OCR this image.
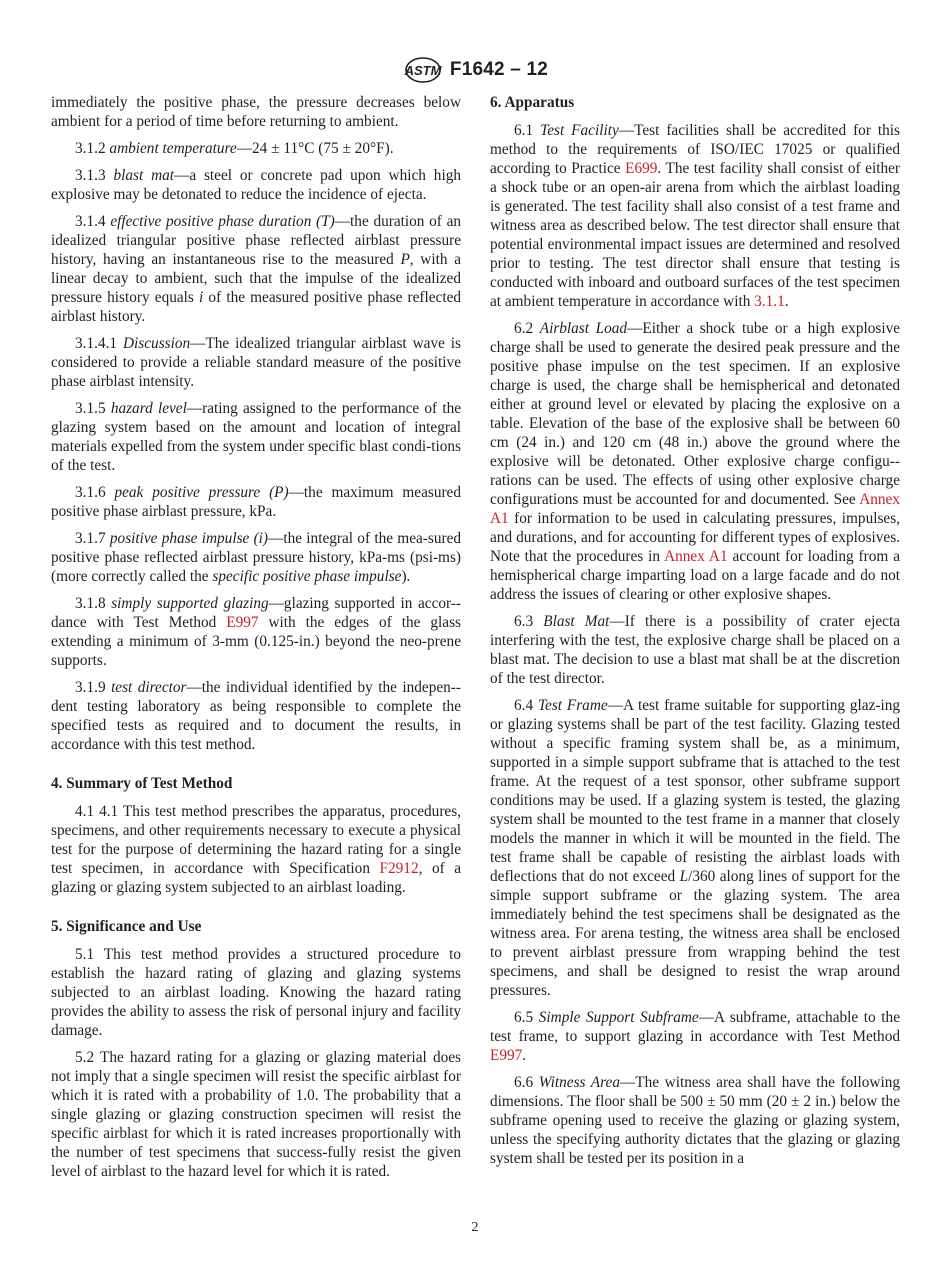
ASTM F1642 – 12

immediately the positive phase, the pressure decreases below ambient for a period of time before returning to ambient.

3.1.2 ambient temperature—24 ± 11°C (75 ± 20°F).

3.1.3 blast mat—a steel or concrete pad upon which high explosive may be detonated to reduce the incidence of ejecta.

3.1.4 effective positive phase duration (T)—the duration of an idealized triangular positive phase reflected airblast pressure history, having an instantaneous rise to the measured P, with a linear decay to ambient, such that the impulse of the idealized pressure history equals i of the measured positive phase reflected airblast history.

3.1.4.1 Discussion—The idealized triangular airblast wave is considered to provide a reliable standard measure of the positive phase airblast intensity.

3.1.5 hazard level—rating assigned to the performance of the glazing system based on the amount and location of integral materials expelled from the system under specific blast condi-tions of the test.

3.1.6 peak positive pressure (P)—the maximum measured positive phase airblast pressure, kPa.

3.1.7 positive phase impulse (i)—the integral of the mea-sured positive phase reflected airblast pressure history, kPa-ms (psi-ms) (more correctly called the specific positive phase impulse).

3.1.8 simply supported glazing—glazing supported in accor-dance with Test Method E997 with the edges of the glass extending a minimum of 3-mm (0.125-in.) beyond the neo-prene supports.

3.1.9 test director—the individual identified by the indepen-dent testing laboratory as being responsible to complete the specified tests as required and to document the results, in accordance with this test method.

4. Summary of Test Method

4.1 4.1 This test method prescribes the apparatus, procedures, specimens, and other requirements necessary to execute a physical test for the purpose of determining the hazard rating for a single test specimen, in accordance with Specification F2912, of a glazing or glazing system subjected to an airblast loading.

5. Significance and Use

5.1 This test method provides a structured procedure to establish the hazard rating of glazing and glazing systems subjected to an airblast loading. Knowing the hazard rating provides the ability to assess the risk of personal injury and facility damage.

5.2 The hazard rating for a glazing or glazing material does not imply that a single specimen will resist the specific airblast for which it is rated with a probability of 1.0. The probability that a single glazing or glazing construction specimen will resist the specific airblast for which it is rated increases proportionally with the number of test specimens that success-fully resist the given level of airblast to the hazard level for which it is rated.

6. Apparatus

6.1 Test Facility—Test facilities shall be accredited for this method to the requirements of ISO/IEC 17025 or qualified according to Practice E699. The test facility shall consist of either a shock tube or an open-air arena from which the airblast loading is generated. The test facility shall also consist of a test frame and witness area as described below. The test director shall ensure that potential environmental impact issues are determined and resolved prior to testing. The test director shall ensure that testing is conducted with inboard and outboard surfaces of the test specimen at ambient temperature in accordance with 3.1.1.

6.2 Airblast Load—Either a shock tube or a high explosive charge shall be used to generate the desired peak pressure and the positive phase impulse on the test specimen. If an explosive charge is used, the charge shall be hemispherical and detonated either at ground level or elevated by placing the explosive on a table. Elevation of the base of the explosive shall be between 60 cm (24 in.) and 120 cm (48 in.) above the ground where the explosive will be detonated. Other explosive charge configu-rations can be used. The effects of using other explosive charge configurations must be accounted for and documented. See Annex A1 for information to be used in calculating pressures, impulses, and durations, and for accounting for different types of explosives. Note that the procedures in Annex A1 account for loading from a hemispherical charge imparting load on a large facade and do not address the issues of clearing or other explosive shapes.

6.3 Blast Mat—If there is a possibility of crater ejecta interfering with the test, the explosive charge shall be placed on a blast mat. The decision to use a blast mat shall be at the discretion of the test director.

6.4 Test Frame—A test frame suitable for supporting glaz-ing or glazing systems shall be part of the test facility. Glazing tested without a specific framing system shall be, as a minimum, supported in a simple support subframe that is attached to the test frame. At the request of a test sponsor, other subframe support conditions may be used. If a glazing system is tested, the glazing system shall be mounted to the test frame in a manner that closely models the manner in which it will be mounted in the field. The test frame shall be capable of resisting the airblast loads with deflections that do not exceed L/360 along lines of support for the simple support subframe or the glazing system. The area immediately behind the test specimens shall be designated as the witness area. For arena testing, the witness area shall be enclosed to prevent airblast pressure from wrapping behind the test specimens, and shall be designed to resist the wrap around pressures.

6.5 Simple Support Subframe—A subframe, attachable to the test frame, to support glazing in accordance with Test Method E997.

6.6 Witness Area—The witness area shall have the following dimensions. The floor shall be 500 ± 50 mm (20 ± 2 in.) below the subframe opening used to receive the glazing or glazing system, unless the specifying authority dictates that the glazing or glazing system shall be tested per its position in a

2
